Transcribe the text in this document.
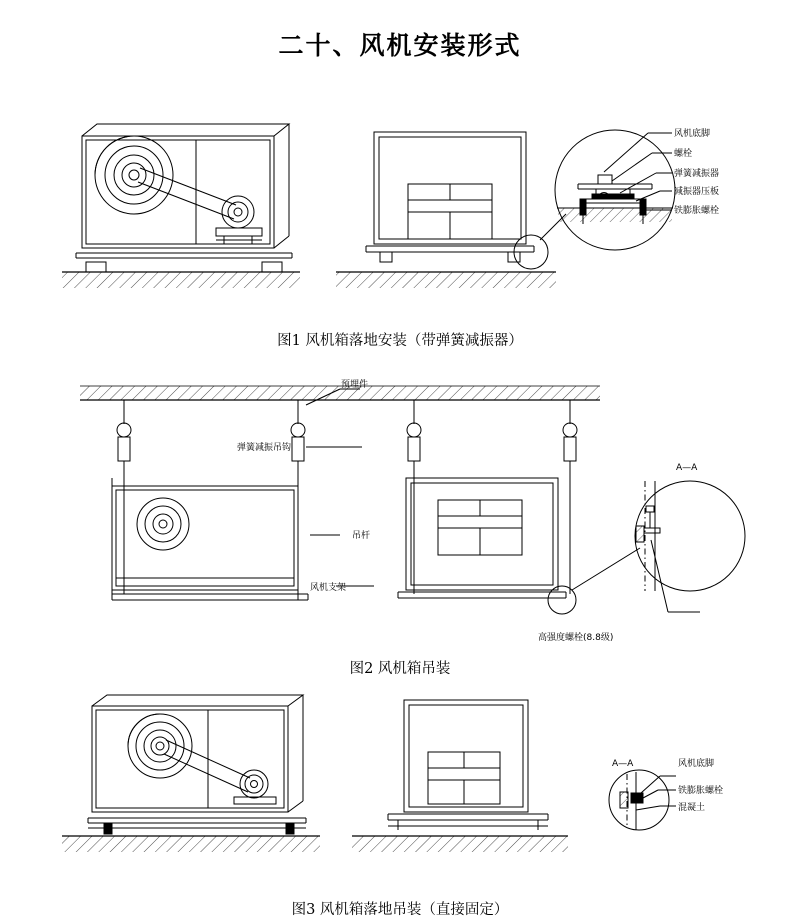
二十、风机安装形式
风机底脚
螺栓
弹簧减振器
减振器压板
铁膨胀螺栓
预埋件
弹簧减振吊钩
吊杆
风机支架
高强度螺栓(8.8级)
A—A
A—A	风机底脚
铁膨胀螺栓
混凝土
图1 风机箱落地安装（带弹簧减振器）
图2 风机箱吊装
图3 风机箱落地吊装（直接固定）
